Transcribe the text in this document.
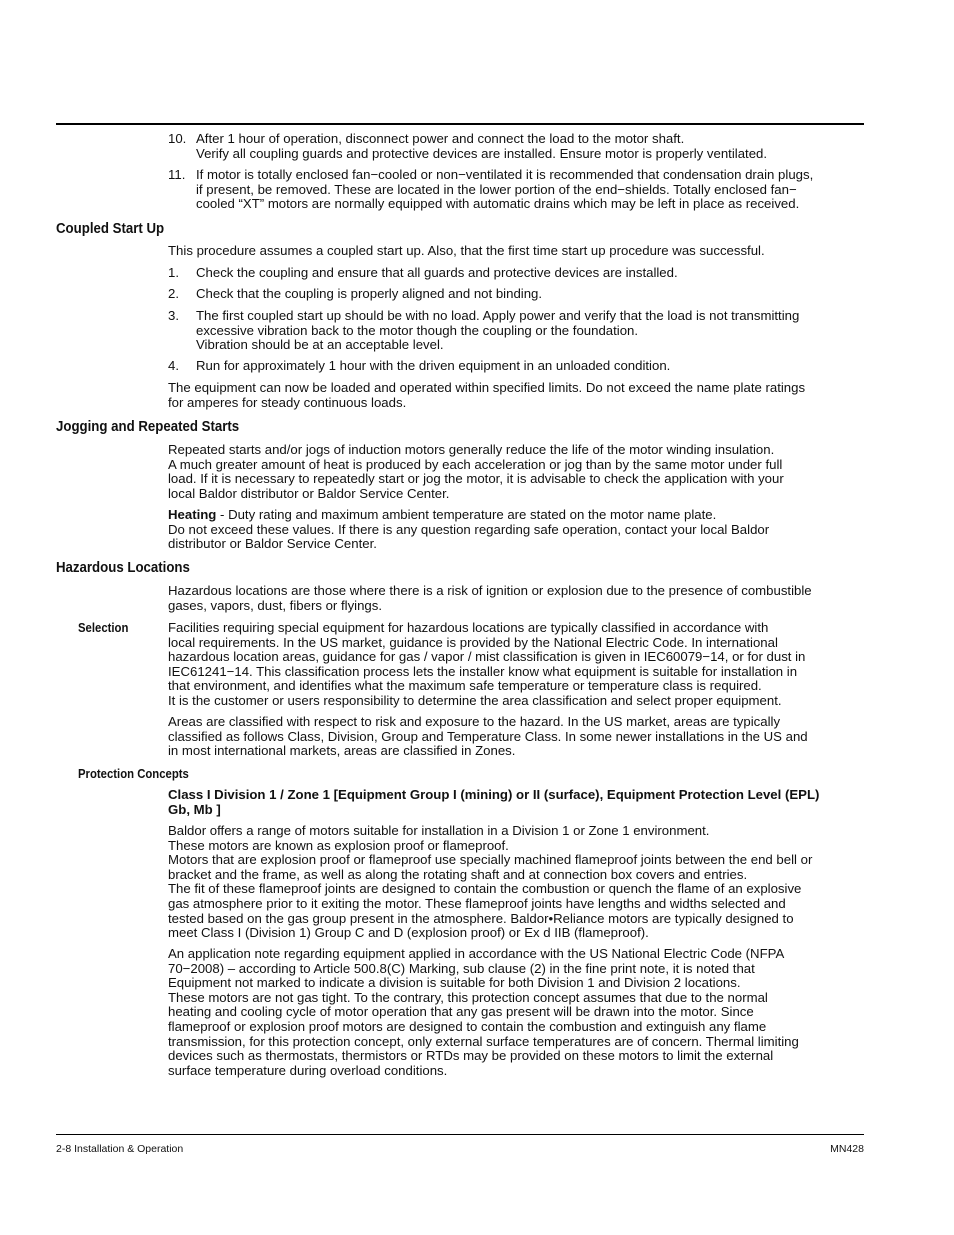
10. After 1 hour of operation, disconnect power and connect the load to the motor shaft.
Verify all coupling guards and protective devices are installed. Ensure motor is properly ventilated.
11. If motor is totally enclosed fan−cooled or non−ventilated it is recommended that condensation drain plugs,
if present, be removed. These are located in the lower portion of the end−shields. Totally enclosed fan−
cooled “XT” motors are normally equipped with automatic drains which may be left in place as received.
Coupled Start Up

This procedure assumes a coupled start up. Also, that the first time start up procedure was successful.

1. Check the coupling and ensure that all guards and protective devices are installed.
2. Check that the coupling is properly aligned and not binding.
3. The first coupled start up should be with no load. Apply power and verify that the load is not transmitting
excessive vibration back to the motor though the coupling or the foundation.
Vibration should be at an acceptable level.
4. Run for approximately 1 hour with the driven equipment in an unloaded condition.

The equipment can now be loaded and operated within specified limits. Do not exceed the name plate ratings
for amperes for steady continuous loads.

Jogging and Repeated Starts

Repeated starts and/or jogs of induction motors generally reduce the life of the motor winding insulation.
A much greater amount of heat is produced by each acceleration or jog than by the same motor under full
load. If it is necessary to repeatedly start or jog the motor, it is advisable to check the application with your
local Baldor distributor or Baldor Service Center.

Heating - Duty rating and maximum ambient temperature are stated on the motor name plate.
Do not exceed these values. If there is any question regarding safe operation, contact your local Baldor
distributor or Baldor Service Center.

Hazardous Locations

Hazardous locations are those where there is a risk of ignition or explosion due to the presence of combustible
gases, vapors, dust, fibers or flyings.

Selection	Facilities requiring special equipment for hazardous locations are typically classified in accordance with
local requirements. In the US market, guidance is provided by the National Electric Code. In international
hazardous location areas, guidance for gas / vapor / mist classification is given in IEC60079−14, or for dust in
IEC61241−14. This classification process lets the installer know what equipment is suitable for installation in
that environment, and identifies what the maximum safe temperature or temperature class is required.
It is the customer or users responsibility to determine the area classification and select proper equipment.

Areas are classified with respect to risk and exposure to the hazard. In the US market, areas are typically
classified as follows Class, Division, Group and Temperature Class. In some newer installations in the US and
in most international markets, areas are classified in Zones.

Protection Concepts

Class I Division 1 / Zone 1 [Equipment Group I (mining) or II (surface), Equipment Protection Level (EPL)
Gb, Mb ]

Baldor offers a range of motors suitable for installation in a Division 1 or Zone 1 environment.
These motors are known as explosion proof or flameproof.
Motors that are explosion proof or flameproof use specially machined flameproof joints between the end bell or
bracket and the frame, as well as along the rotating shaft and at connection box covers and entries.
The fit of these flameproof joints are designed to contain the combustion or quench the flame of an explosive
gas atmosphere prior to it exiting the motor. These flameproof joints have lengths and widths selected and
tested based on the gas group present in the atmosphere. Baldor•Reliance motors are typically designed to
meet Class I (Division 1) Group C and D (explosion proof) or Ex d IIB (flameproof).

An application note regarding equipment applied in accordance with the US National Electric Code (NFPA
70−2008) – according to Article 500.8(C) Marking, sub clause (2) in the fine print note, it is noted that
Equipment not marked to indicate a division is suitable for both Division 1 and Division 2 locations.
These motors are not gas tight. To the contrary, this protection concept assumes that due to the normal
heating and cooling cycle of motor operation that any gas present will be drawn into the motor. Since
flameproof or explosion proof motors are designed to contain the combustion and extinguish any flame
transmission, for this protection concept, only external surface temperatures are of concern. Thermal limiting
devices such as thermostats, thermistors or RTDs may be provided on these motors to limit the external
surface temperature during overload conditions.

2-8 Installation & Operation	MN428
